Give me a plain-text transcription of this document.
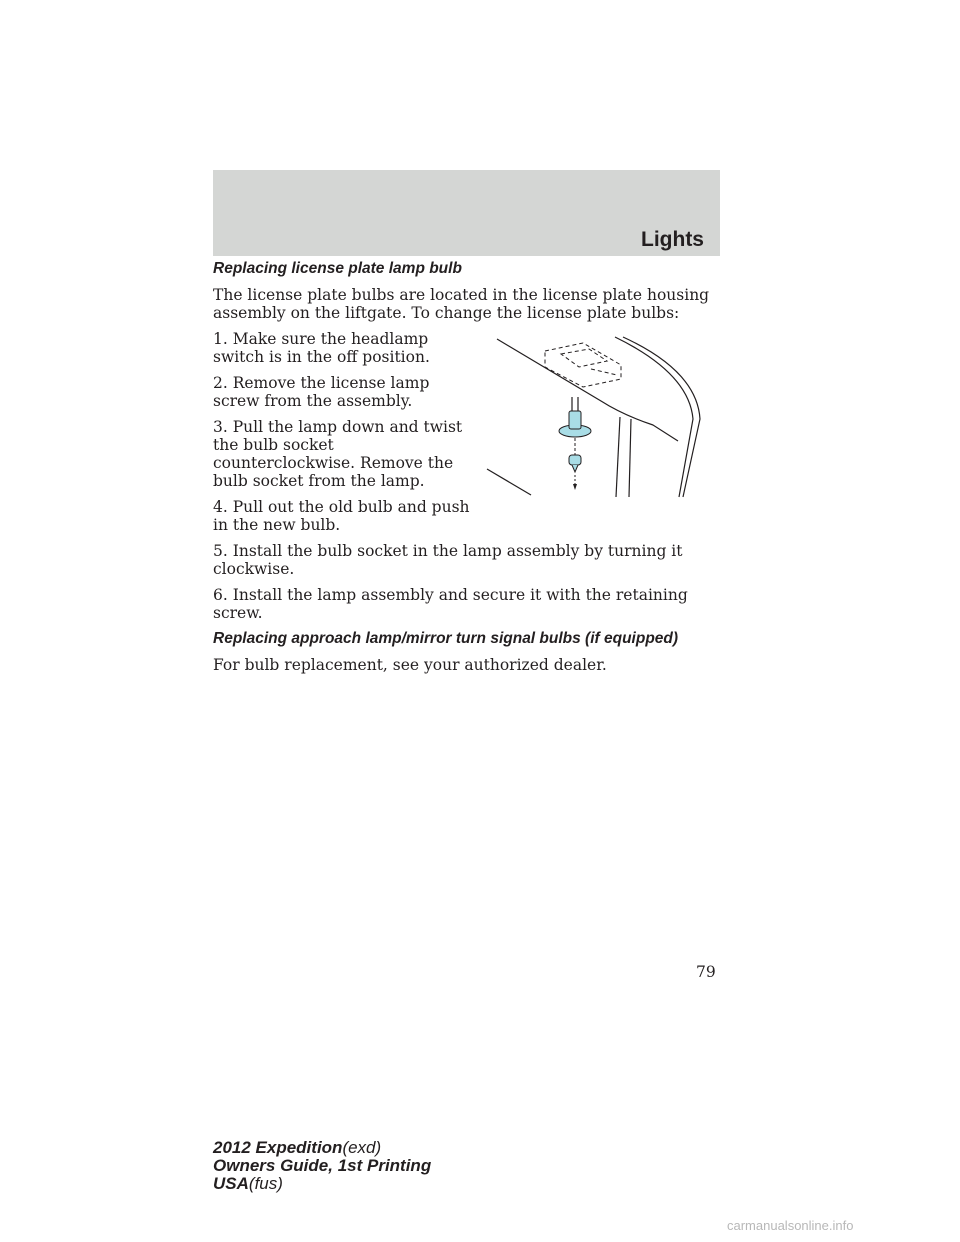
Lights

Replacing license plate lamp bulb

The license plate bulbs are located in the license plate housing assembly on the liftgate. To change the license plate bulbs:

1. Make sure the headlamp switch is in the off position.

2. Remove the license lamp screw from the assembly.

3. Pull the lamp down and twist the bulb socket counterclockwise. Remove the bulb socket from the lamp.

4. Pull out the old bulb and push in the new bulb.

5. Install the bulb socket in the lamp assembly by turning it clockwise.

6. Install the lamp assembly and secure it with the retaining screw.

Replacing approach lamp/mirror turn signal bulbs (if equipped)

For bulb replacement, see your authorized dealer.

79
2012 Expedition(exd)
Owners Guide, 1st Printing
USA(fus)
carmanualsonline.info
